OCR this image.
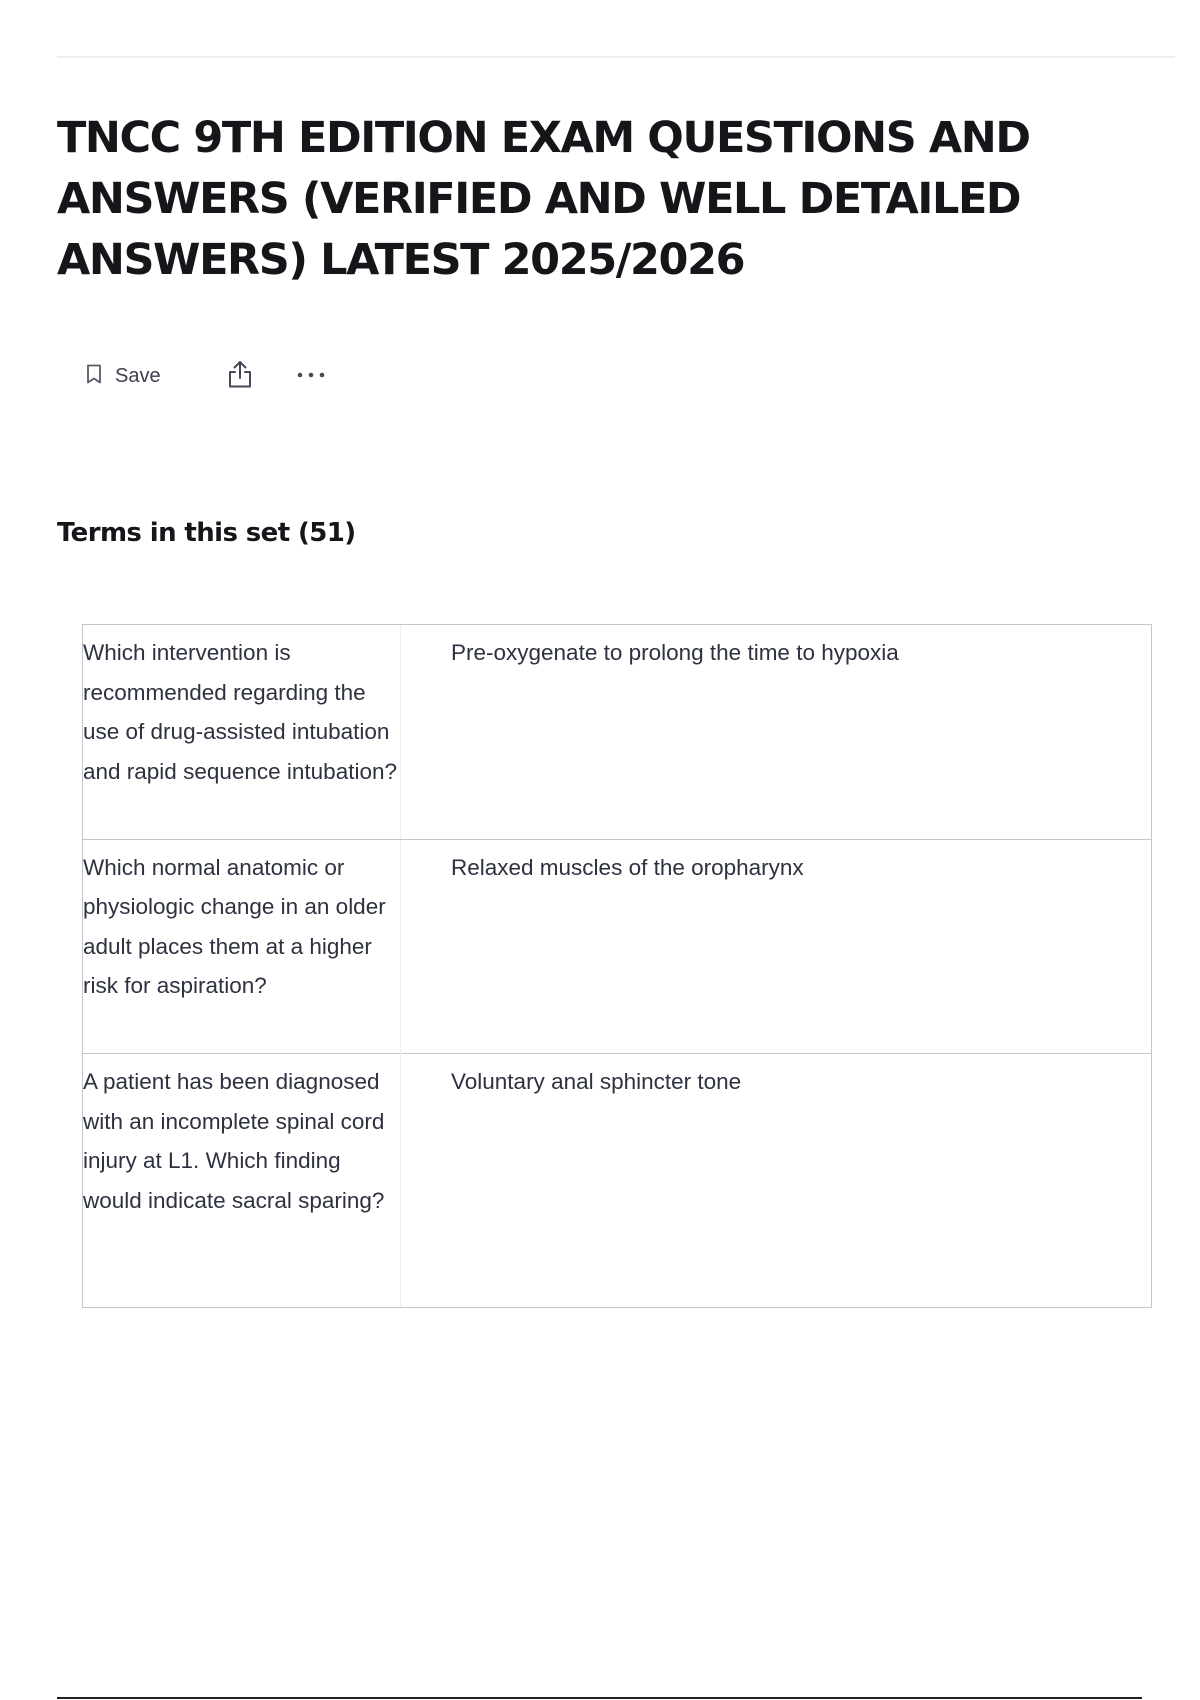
TNCC 9TH EDITION EXAM QUESTIONS AND ANSWERS (VERIFIED AND WELL DETAILED ANSWERS) LATEST 2025/2026
Save
Terms in this set (51)
Which intervention is recommended regarding the use of drug-assisted intubation and rapid sequence intubation?
Pre-oxygenate to prolong the time to hypoxia
Which normal anatomic or physiologic change in an older adult places them at a higher risk for aspiration?
Relaxed muscles of the oropharynx
A patient has been diagnosed with an incomplete spinal cord injury at L1. Which finding would indicate sacral sparing?
Voluntary anal sphincter tone
